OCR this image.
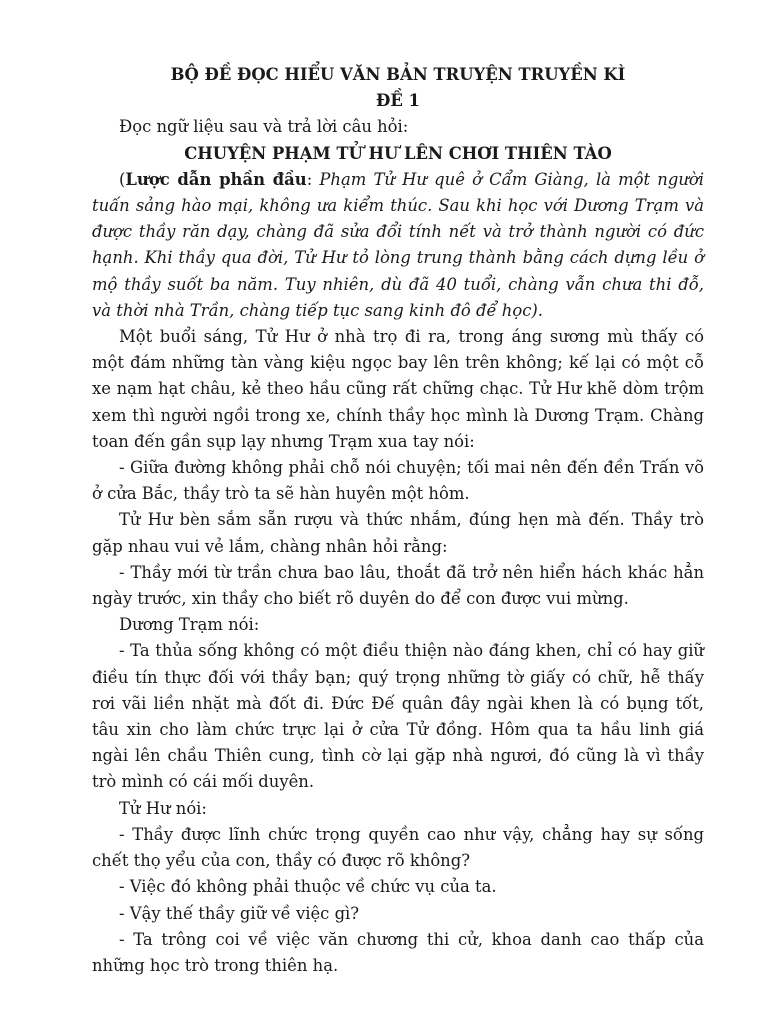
BỘ ĐỀ ĐỌC HIỂU VĂN BẢN TRUYỆN TRUYỀN KÌ
ĐỀ 1

Đọc ngữ liệu sau và trả lời câu hỏi:

CHUYỆN PHẠM TỬ HƯ LÊN CHƠI THIÊN TÀO

(Lược dẫn phần đầu: Phạm Tử Hư quê ở Cẩm Giàng, là một người tuấn sảng hào mại, không ưa kiểm thúc. Sau khi học với Dương Trạm và được thầy răn dạy, chàng đã sửa đổi tính nết và trở thành người có đức hạnh. Khi thầy qua đời, Tử Hư tỏ lòng trung thành bằng cách dựng lều ở mộ thầy suốt ba năm. Tuy nhiên, dù đã 40 tuổi, chàng vẫn chưa thi đỗ, và thời nhà Trần, chàng tiếp tục sang kinh đô để học).

Một buổi sáng, Tử Hư ở nhà trọ đi ra, trong áng sương mù thấy có một đám những tàn vàng kiệu ngọc bay lên trên không; kế lại có một cỗ xe nạm hạt châu, kẻ theo hầu cũng rất chững chạc. Tử Hư khẽ dòm trộm xem thì người ngồi trong xe, chính thầy học mình là Dương Trạm. Chàng toan đến gần sụp lạy nhưng Trạm xua tay nói:

- Giữa đường không phải chỗ nói chuyện; tối mai nên đến đền Trấn võ ở cửa Bắc, thầy trò ta sẽ hàn huyên một hôm.

Tử Hư bèn sắm sẵn rượu và thức nhắm, đúng hẹn mà đến. Thầy trò gặp nhau vui vẻ lắm, chàng nhân hỏi rằng:

- Thầy mới từ trần chưa bao lâu, thoắt đã trở nên hiển hách khác hẳn ngày trước, xin thầy cho biết rõ duyên do để con được vui mừng.

Dương Trạm nói:

- Ta thủa sống không có một điều thiện nào đáng khen, chỉ có hay giữ điều tín thực đối với thầy bạn; quý trọng những tờ giấy có chữ, hễ thấy rơi vãi liền nhặt mà đốt đi. Đức Đế quân đây ngài khen là có bụng tốt, tâu xin cho làm chức trực lại ở cửa Tử đồng. Hôm qua ta hầu linh giá ngài lên chầu Thiên cung, tình cờ lại gặp nhà ngươi, đó cũng là vì thầy trò mình có cái mối duyên.

Tử Hư nói:

- Thầy được lĩnh chức trọng quyền cao như vậy, chẳng hay sự sống chết thọ yểu của con, thầy có được rõ không?

- Việc đó không phải thuộc về chức vụ của ta.

- Vậy thế thầy giữ về việc gì?

- Ta trông coi về việc văn chương thi cử, khoa danh cao thấp của những học trò trong thiên hạ.
